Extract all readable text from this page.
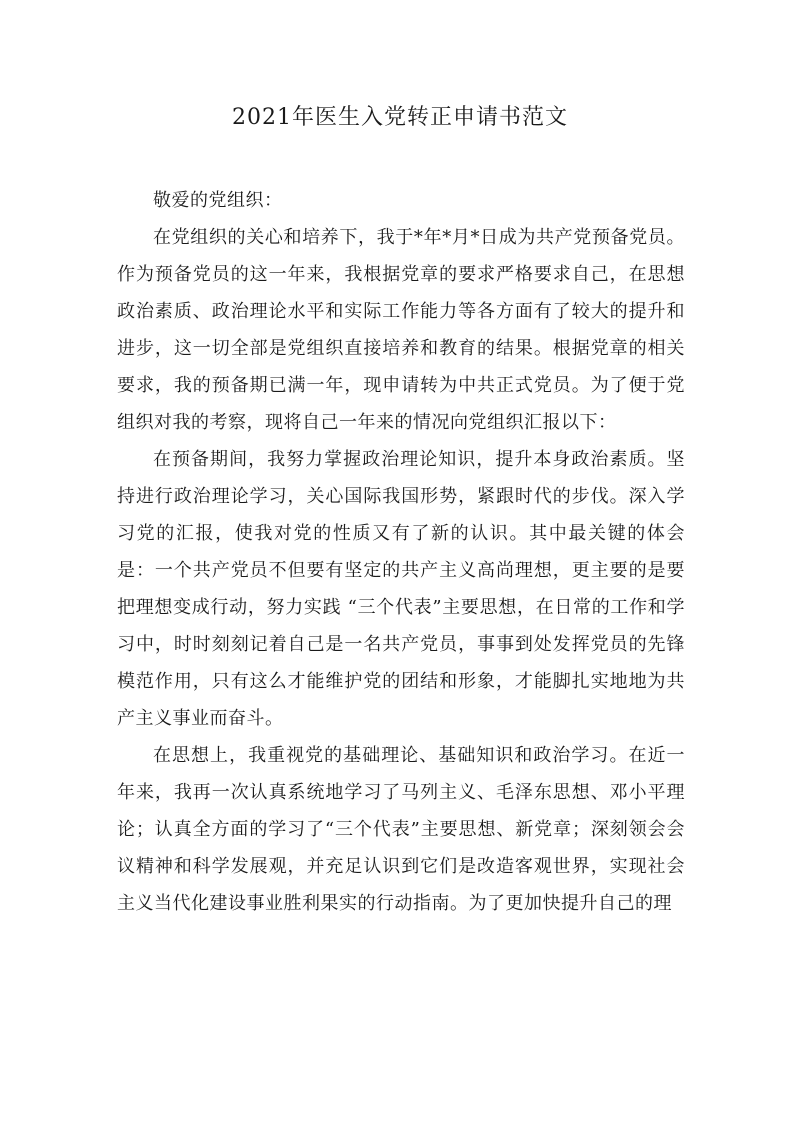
2021年医生入党转正申请书范文

敬爱的党组织：

在党组织的关心和培养下，我于*年*月*日成为共产党预备党员。作为预备党员的这一年来，我根据党章的要求严格要求自己，在思想政治素质、政治理论水平和实际工作能力等各方面有了较大的提升和进步，这一切全部是党组织直接培养和教育的结果。根据党章的相关要求，我的预备期已满一年，现申请转为中共正式党员。为了便于党组织对我的考察，现将自己一年来的情况向党组织汇报以下：

在预备期间，我努力掌握政治理论知识，提升本身政治素质。坚持进行政治理论学习，关心国际我国形势，紧跟时代的步伐。深入学习党的汇报，使我对党的性质又有了新的认识。其中最关键的体会是：一个共产党员不但要有坚定的共产主义高尚理想，更主要的是要把理想变成行动，努力实践 “三个代表”主要思想，在日常的工作和学习中，时时刻刻记着自己是一名共产党员，事事到处发挥党员的先锋模范作用，只有这么才能维护党的团结和形象，才能脚扎实地地为共产主义事业而奋斗。

在思想上，我重视党的基础理论、基础知识和政治学习。在近一年来，我再一次认真系统地学习了马列主义、毛泽东思想、邓小平理论；认真全方面的学习了“三个代表”主要思想、新党章；深刻领会会议精神和科学发展观，并充足认识到它们是改造客观世界，实现社会主义当代化建设事业胜利果实的行动指南。为了更加快提升自己的理
